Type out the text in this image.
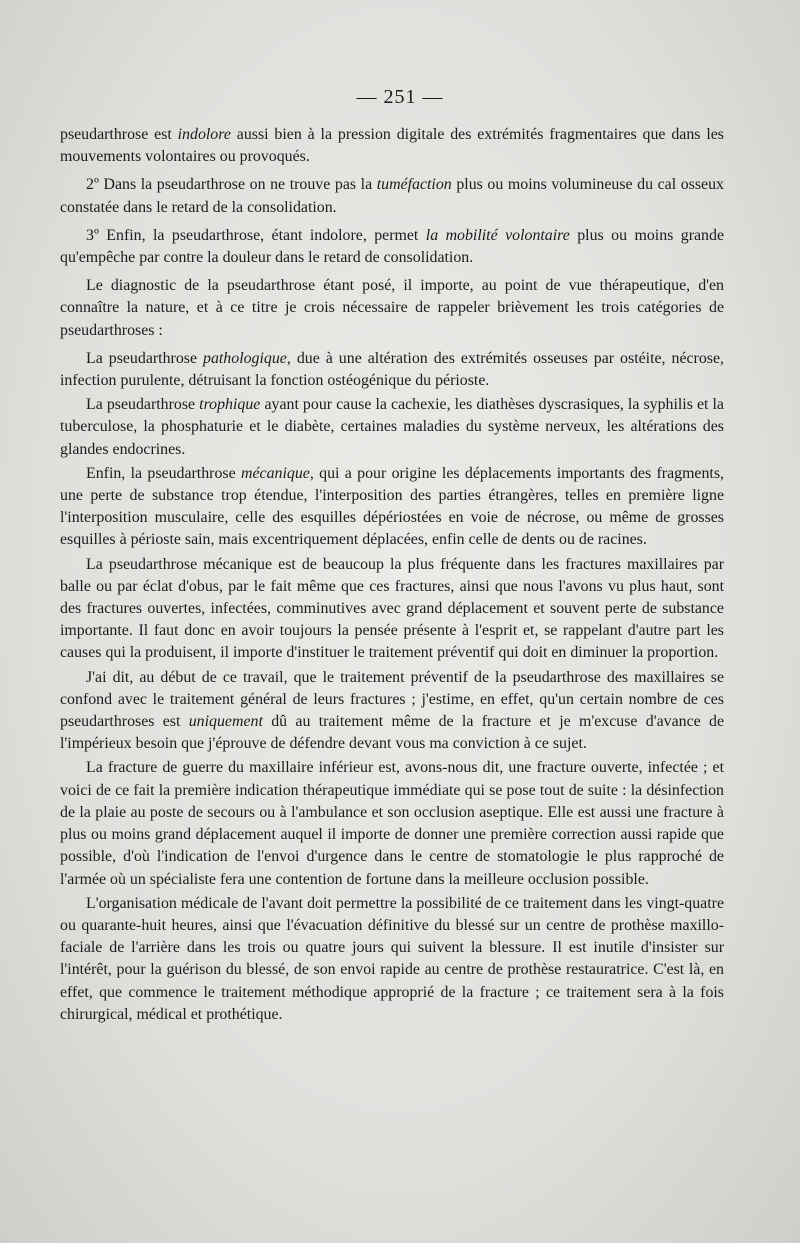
— 251 —

pseudarthrose est indolore aussi bien à la pression digitale des extrémités fragmentaires que dans les mouvements volontaires ou provoqués.

2º Dans la pseudarthrose on ne trouve pas la tuméfaction plus ou moins volumineuse du cal osseux constatée dans le retard de la consolidation.

3º Enfin, la pseudarthrose, étant indolore, permet la mobilité volontaire plus ou moins grande qu'empêche par contre la douleur dans le retard de consolidation.

Le diagnostic de la pseudarthrose étant posé, il importe, au point de vue thérapeutique, d'en connaître la nature, et à ce titre je crois nécessaire de rappeler brièvement les trois catégories de pseudarthroses :

La pseudarthrose pathologique, due à une altération des extrémités osseuses par ostéite, nécrose, infection purulente, détruisant la fonction ostéogénique du périoste.

La pseudarthrose trophique ayant pour cause la cachexie, les diathèses dyscrasiques, la syphilis et la tuberculose, la phosphaturie et le diabète, certaines maladies du système nerveux, les altérations des glandes endocrines.

Enfin, la pseudarthrose mécanique, qui a pour origine les déplacements importants des fragments, une perte de substance trop étendue, l'interposition des parties étrangères, telles en première ligne l'interposition musculaire, celle des esquilles dépériostées en voie de nécrose, ou même de grosses esquilles à périoste sain, mais excentriquement déplacées, enfin celle de dents ou de racines.

La pseudarthrose mécanique est de beaucoup la plus fréquente dans les fractures maxillaires par balle ou par éclat d'obus, par le fait même que ces fractures, ainsi que nous l'avons vu plus haut, sont des fractures ouvertes, infectées, comminutives avec grand déplacement et souvent perte de substance importante. Il faut donc en avoir toujours la pensée présente à l'esprit et, se rappelant d'autre part les causes qui la produisent, il importe d'instituer le traitement préventif qui doit en diminuer la proportion.

J'ai dit, au début de ce travail, que le traitement préventif de la pseudarthrose des maxillaires se confond avec le traitement général de leurs fractures ; j'estime, en effet, qu'un certain nombre de ces pseudarthroses est uniquement dû au traitement même de la fracture et je m'excuse d'avance de l'impérieux besoin que j'éprouve de défendre devant vous ma conviction à ce sujet.

La fracture de guerre du maxillaire inférieur est, avons-nous dit, une fracture ouverte, infectée ; et voici de ce fait la première indication thérapeutique immédiate qui se pose tout de suite : la désinfection de la plaie au poste de secours ou à l'ambulance et son occlusion aseptique. Elle est aussi une fracture à plus ou moins grand déplacement auquel il importe de donner une première correction aussi rapide que possible, d'où l'indication de l'envoi d'urgence dans le centre de stomatologie le plus rapproché de l'armée où un spécialiste fera une contention de fortune dans la meilleure occlusion possible.

L'organisation médicale de l'avant doit permettre la possibilité de ce traitement dans les vingt-quatre ou quarante-huit heures, ainsi que l'évacuation définitive du blessé sur un centre de prothèse maxillo-faciale de l'arrière dans les trois ou quatre jours qui suivent la blessure. Il est inutile d'insister sur l'intérêt, pour la guérison du blessé, de son envoi rapide au centre de prothèse restauratrice. C'est là, en effet, que commence le traitement méthodique approprié de la fracture ; ce traitement sera à la fois chirurgical, médical et prothétique.
